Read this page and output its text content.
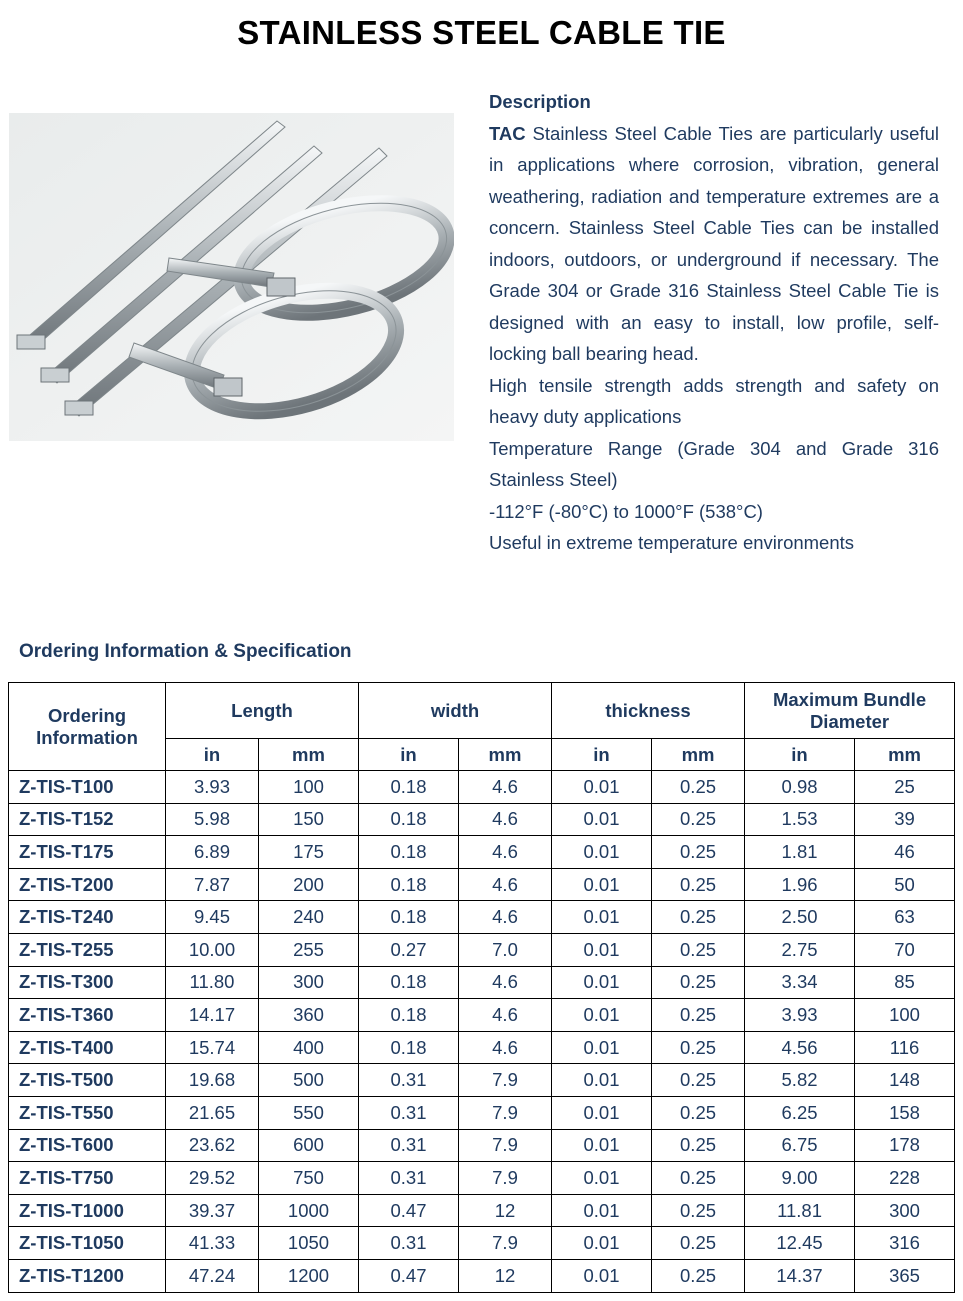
STAINLESS STEEL CABLE TIE
Description
TAC Stainless Steel Cable Ties are particularly useful in applications where corrosion, vibration, general weathering, radiation and temperature extremes are a concern. Stainless Steel Cable Ties can be installed indoors, outdoors, or underground if necessary. The Grade 304 or Grade 316 Stainless Steel Cable Tie is designed with an easy to install, low profile, self-locking ball bearing head.
High tensile strength adds strength and safety on heavy duty applications
Temperature Range (Grade 304 and Grade 316 Stainless Steel)
-112°F (-80°C) to 1000°F (538°C)
Useful in extreme temperature environments
Ordering Information & Specification
Ordering Information	Length		width		thickness		Maximum Bundle Diameter	
	in	mm	in	mm	in	mm	in	mm
Z-TIS-T100	3.93	100	0.18	4.6	0.01	0.25	0.98	25
Z-TIS-T152	5.98	150	0.18	4.6	0.01	0.25	1.53	39
Z-TIS-T175	6.89	175	0.18	4.6	0.01	0.25	1.81	46
Z-TIS-T200	7.87	200	0.18	4.6	0.01	0.25	1.96	50
Z-TIS-T240	9.45	240	0.18	4.6	0.01	0.25	2.50	63
Z-TIS-T255	10.00	255	0.27	7.0	0.01	0.25	2.75	70
Z-TIS-T300	11.80	300	0.18	4.6	0.01	0.25	3.34	85
Z-TIS-T360	14.17	360	0.18	4.6	0.01	0.25	3.93	100
Z-TIS-T400	15.74	400	0.18	4.6	0.01	0.25	4.56	116
Z-TIS-T500	19.68	500	0.31	7.9	0.01	0.25	5.82	148
Z-TIS-T550	21.65	550	0.31	7.9	0.01	0.25	6.25	158
Z-TIS-T600	23.62	600	0.31	7.9	0.01	0.25	6.75	178
Z-TIS-T750	29.52	750	0.31	7.9	0.01	0.25	9.00	228
Z-TIS-T1000	39.37	1000	0.47	12	0.01	0.25	11.81	300
Z-TIS-T1050	41.33	1050	0.31	7.9	0.01	0.25	12.45	316
Z-TIS-T1200	47.24	1200	0.47	12	0.01	0.25	14.37	365
